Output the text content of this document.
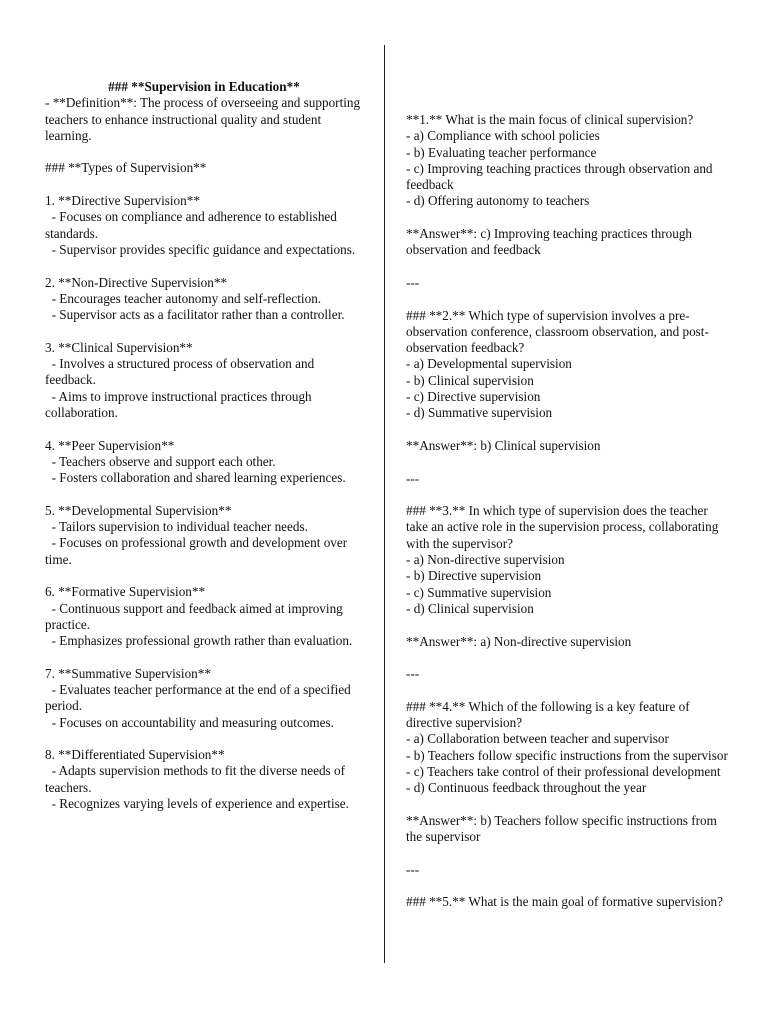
### **Supervision in Education**
- **Definition**: The process of overseeing and supporting teachers to enhance instructional quality and student learning.
### **Types of Supervision**
1. **Directive Supervision**
- Focuses on compliance and adherence to established standards.
- Supervisor provides specific guidance and expectations.
2. **Non-Directive Supervision**
- Encourages teacher autonomy and self-reflection.
- Supervisor acts as a facilitator rather than a controller.
3. **Clinical Supervision**
- Involves a structured process of observation and feedback.
- Aims to improve instructional practices through collaboration.
4. **Peer Supervision**
- Teachers observe and support each other.
- Fosters collaboration and shared learning experiences.
5. **Developmental Supervision**
- Tailors supervision to individual teacher needs.
- Focuses on professional growth and development over time.
6. **Formative Supervision**
- Continuous support and feedback aimed at improving practice.
- Emphasizes professional growth rather than evaluation.
7. **Summative Supervision**
- Evaluates teacher performance at the end of a specified period.
- Focuses on accountability and measuring outcomes.
8. **Differentiated Supervision**
- Adapts supervision methods to fit the diverse needs of teachers.
- Recognizes varying levels of experience and expertise.
**1.** What is the main focus of clinical supervision?
- a) Compliance with school policies
- b) Evaluating teacher performance
- c) Improving teaching practices through observation and feedback
- d) Offering autonomy to teachers
**Answer**: c) Improving teaching practices through observation and feedback
---
### **2.** Which type of supervision involves a pre-observation conference, classroom observation, and post-observation feedback?
- a) Developmental supervision
- b) Clinical supervision
- c) Directive supervision
- d) Summative supervision
**Answer**: b) Clinical supervision
---
### **3.** In which type of supervision does the teacher take an active role in the supervision process, collaborating with the supervisor?
- a) Non-directive supervision
- b) Directive supervision
- c) Summative supervision
- d) Clinical supervision
**Answer**: a) Non-directive supervision
---
### **4.** Which of the following is a key feature of directive supervision?
- a) Collaboration between teacher and supervisor
- b) Teachers follow specific instructions from the supervisor
- c) Teachers take control of their professional development
- d) Continuous feedback throughout the year
**Answer**: b) Teachers follow specific instructions from the supervisor
---
### **5.** What is the main goal of formative supervision?
